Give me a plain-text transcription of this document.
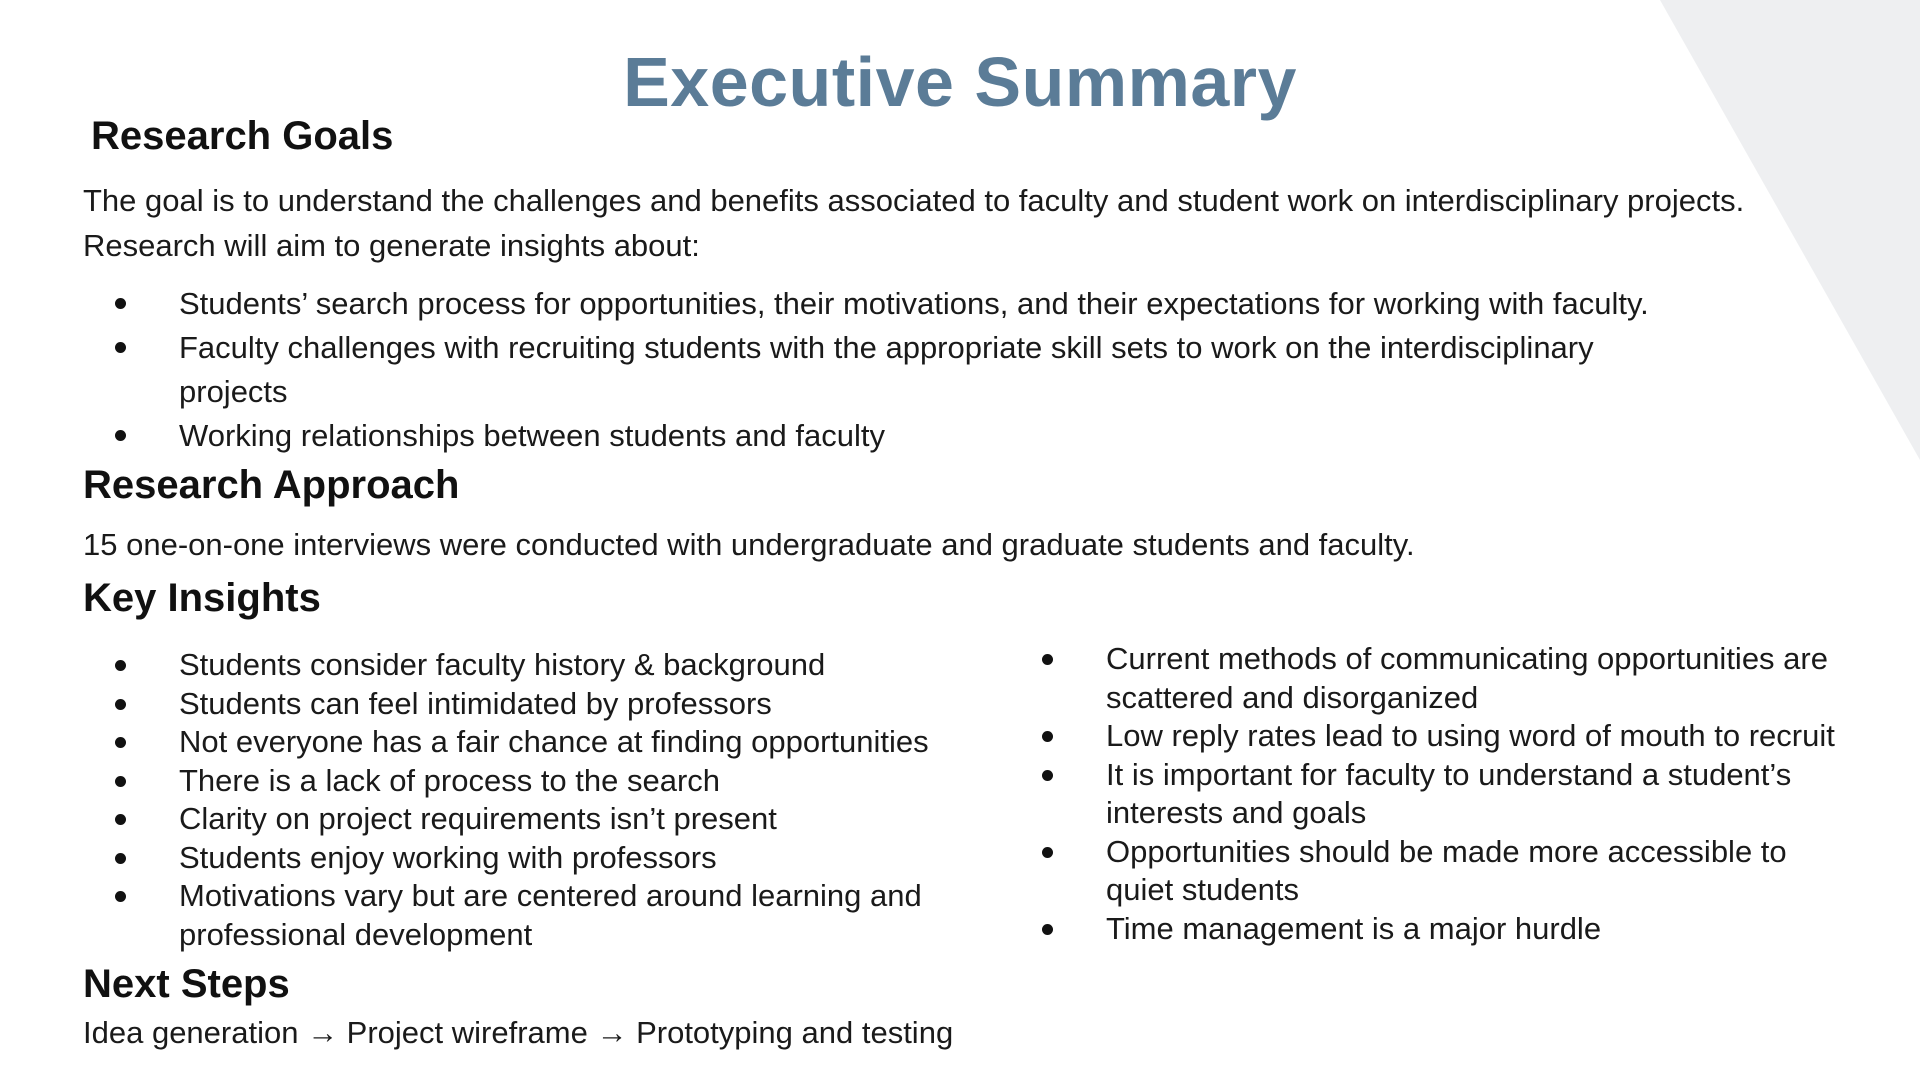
Executive Summary
Research Goals

The goal is to understand the challenges and benefits associated to faculty and student work on interdisciplinary projects. Research will aim to generate insights about:

Students’ search process for opportunities, their motivations, and their expectations for working with faculty.
Faculty challenges with recruiting students with the appropriate skill sets to work on the interdisciplinary projects
Working relationships between students and faculty
Research Approach

15 one-on-one interviews were conducted with undergraduate and graduate students and faculty.

Key Insights
Students consider faculty history & background
Students can feel intimidated by professors
Not everyone has a fair chance at finding opportunities
There is a lack of process to the search
Clarity on project requirements isn’t present
Students enjoy working with professors
Motivations vary but are centered around learning and professional development
Current methods of communicating opportunities are scattered and disorganized
Low reply rates lead to using word of mouth to recruit
It is important for faculty to understand a student’s interests and goals
Opportunities should be made more accessible to quiet students
Time management is a major hurdle
Next Steps

Idea generation → Project wireframe → Prototyping and testing
